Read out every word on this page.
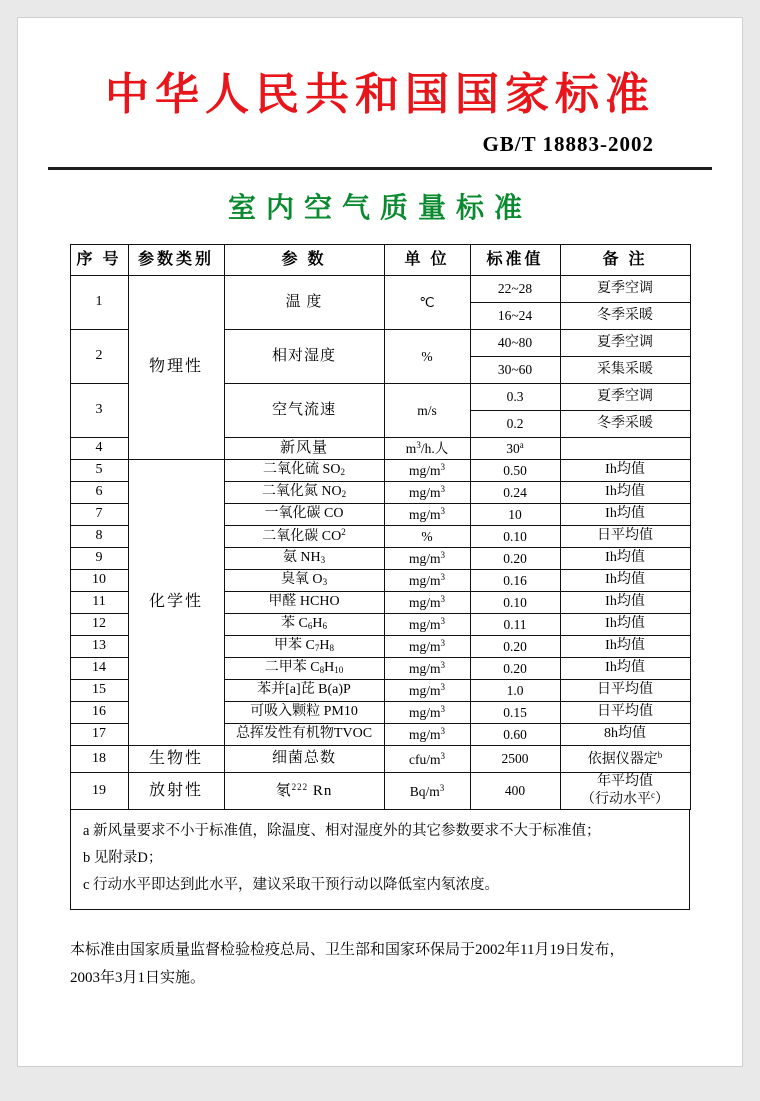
中华人民共和国国家标准
GB/T 18883-2002
室内空气质量标准
序 号	参数类别	参 数	单 位	标准值	备 注
1	物理性	温 度	℃	22~28	夏季空调
				16~24	冬季采暖
2		相对湿度	%	40~80	夏季空调
				30~60	采集采暖
3		空气流速	m/s	0.3	夏季空调
				0.2	冬季采暖
4		新风量	$m^3/h$.人	30$^a$	
5	化学性	二氧化硫 $SO_2$	$mg/m^3$	0.50	Ih均值
6		二氧化氮 $NO_2$	$mg/m^3$	0.24	Ih均值
7		一氧化碳 CO	$mg/m^3$	10	Ih均值
8		二氧化碳 $CO^2$	%	0.10	日平均值
9		氨 $NH_3$	$mg/m^3$	0.20	Ih均值
10		臭氧 $O_3$	$mg/m^3$	0.16	Ih均值
11		甲醛 HCHO	$mg/m^3$	0.10	Ih均值
12		苯 $C_6H_6$	$mg/m^3$	0.11	Ih均值
13		甲苯 $C_7H_8$	$mg/m^3$	0.20	Ih均值
14		二甲苯 $C_8H_{10}$	$mg/m^3$	0.20	Ih均值
15		苯并[a]芘 B(a)P	$mg/m^3$	1.0	日平均值
16		可吸入颗粒 PM10	$mg/m^3$	0.15	日平均值
17		总挥发性有机物TVOC	$mg/m^3$	0.60	8h均值
18	生物性	细菌总数	cfu/$m^3$	2500	依据仪器定$^b$
19	放射性	氡$^{222}$ Rn	$Bq/m^3$	400	年平均值
（行动水平$^c$）
a 新风量要求不小于标准值，除温度、相对湿度外的其它参数要求不大于标准值；
b 见附录D；
c 行动水平即达到此水平，建议采取干预行动以降低室内氡浓度。
本标准由国家质量监督检验检疫总局、卫生部和国家环保局于2002年11月19日发布，
2003年3月1日实施。
